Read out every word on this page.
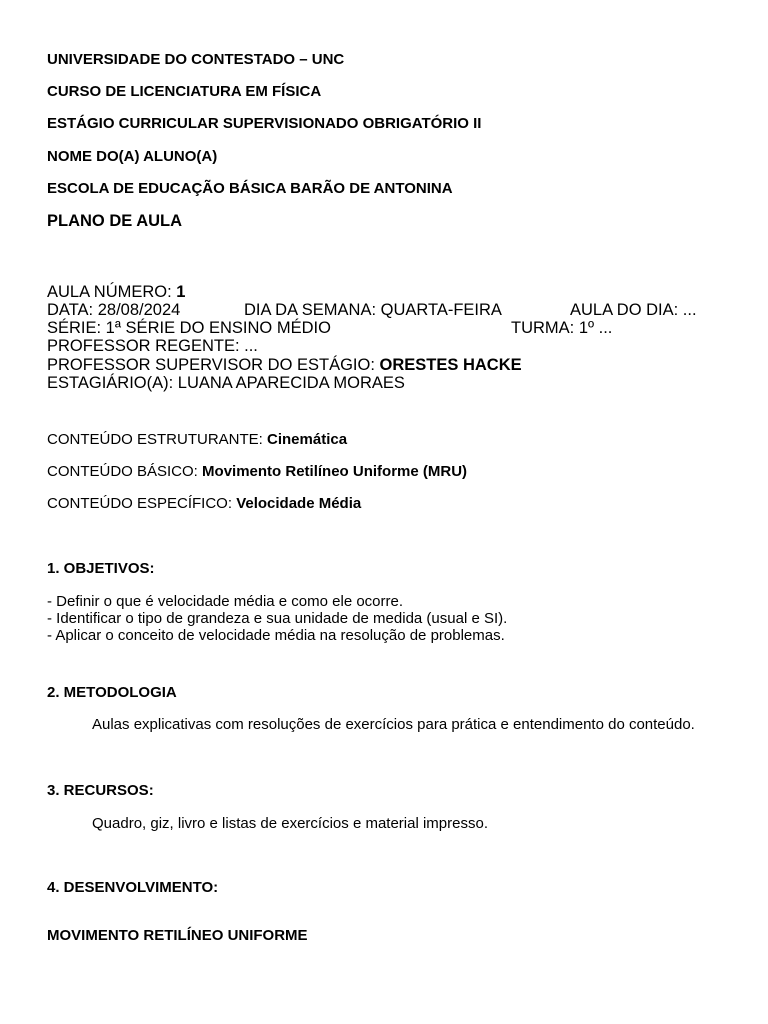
UNIVERSIDADE DO CONTESTADO – UNC
CURSO DE LICENCIATURA EM FÍSICA
ESTÁGIO CURRICULAR SUPERVISIONADO OBRIGATÓRIO II
NOME DO(A) ALUNO(A)
ESCOLA DE EDUCAÇÃO BÁSICA BARÃO DE ANTONINA
PLANO DE AULA
AULA NÚMERO: 1
DATA: 28/08/2024	DIA DA SEMANA: QUARTA-FEIRA	AULA DO DIA: ...
SÉRIE: 1ª SÉRIE DO ENSINO MÉDIO	TURMA: 1º ...
PROFESSOR REGENTE: ...
PROFESSOR SUPERVISOR DO ESTÁGIO: ORESTES HACKE
ESTAGIÁRIO(A): LUANA APARECIDA MORAES
CONTEÚDO ESTRUTURANTE: Cinemática
CONTEÚDO BÁSICO: Movimento Retilíneo Uniforme (MRU)
CONTEÚDO ESPECÍFICO: Velocidade Média
1. OBJETIVOS:
- Definir o que é velocidade média e como ele ocorre.
- Identificar o tipo de grandeza e sua unidade de medida (usual e SI).
- Aplicar o conceito de velocidade média na resolução de problemas.
2. METODOLOGIA
Aulas explicativas com resoluções de exercícios para prática e entendimento do conteúdo.
3. RECURSOS:
Quadro, giz, livro e listas de exercícios e material impresso.
4. DESENVOLVIMENTO:
MOVIMENTO RETILÍNEO UNIFORME
